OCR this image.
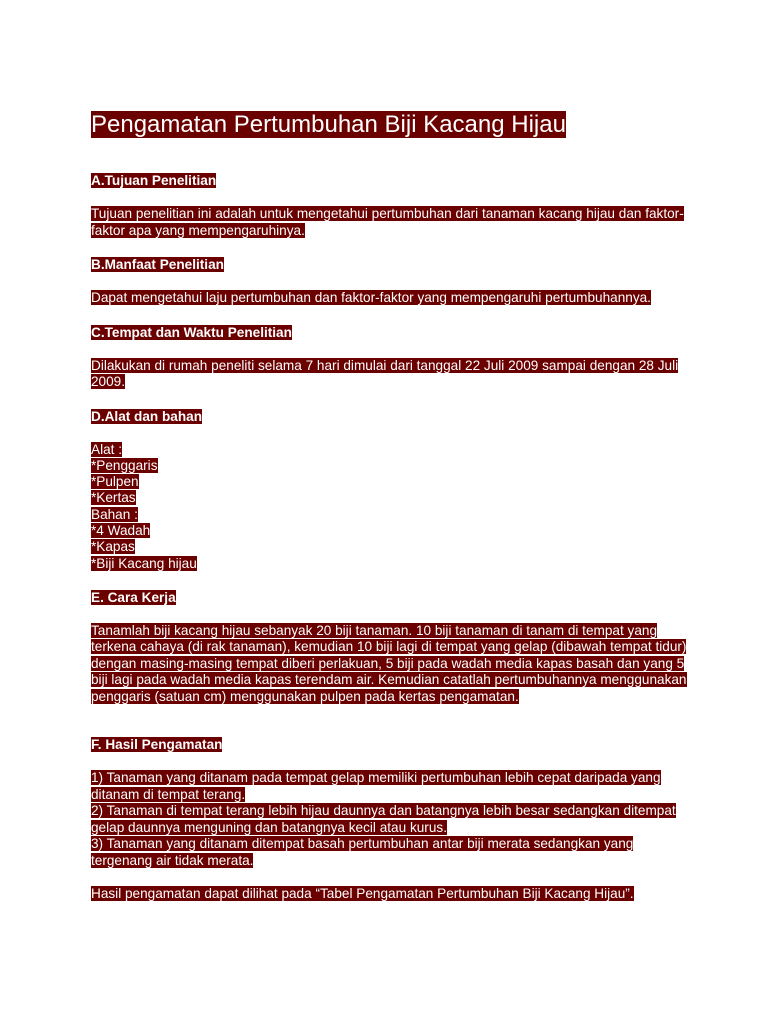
Pengamatan Pertumbuhan Biji Kacang Hijau
A.Tujuan Penelitian

Tujuan penelitian ini adalah untuk mengetahui pertumbuhan dari tanaman kacang hijau dan faktor-faktor apa yang mempengaruhinya.

B.Manfaat Penelitian

Dapat mengetahui laju pertumbuhan dan faktor-faktor yang mempengaruhi pertumbuhannya.

C.Tempat dan Waktu Penelitian

Dilakukan di rumah peneliti selama 7 hari dimulai dari tanggal 22 Juli 2009 sampai dengan 28 Juli 2009.

D.Alat dan bahan
Alat :
*Penggaris
*Pulpen
*Kertas
Bahan :
*4 Wadah
*Kapas
*Biji Kacang hijau
E. Cara Kerja

Tanamlah biji kacang hijau sebanyak 20 biji tanaman. 10 biji tanaman di tanam di tempat yang terkena cahaya (di rak tanaman), kemudian 10 biji lagi di tempat yang gelap (dibawah tempat tidur) dengan masing-masing tempat diberi perlakuan, 5 biji pada wadah media kapas basah dan yang 5 biji lagi pada wadah media kapas terendam air. Kemudian catatlah pertumbuhannya menggunakan penggaris (satuan cm) menggunakan pulpen pada kertas pengamatan.

F. Hasil Pengamatan
1) Tanaman yang ditanam pada tempat gelap memiliki pertumbuhan lebih cepat daripada yang ditanam di tempat terang.
2) Tanaman di tempat terang lebih hijau daunnya dan batangnya lebih besar sedangkan ditempat gelap daunnya menguning dan batangnya kecil atau kurus.
3) Tanaman yang ditanam ditempat basah pertumbuhan antar biji merata sedangkan yang tergenang air tidak merata.

Hasil pengamatan dapat dilihat pada “Tabel Pengamatan Pertumbuhan Biji Kacang Hijau”.
